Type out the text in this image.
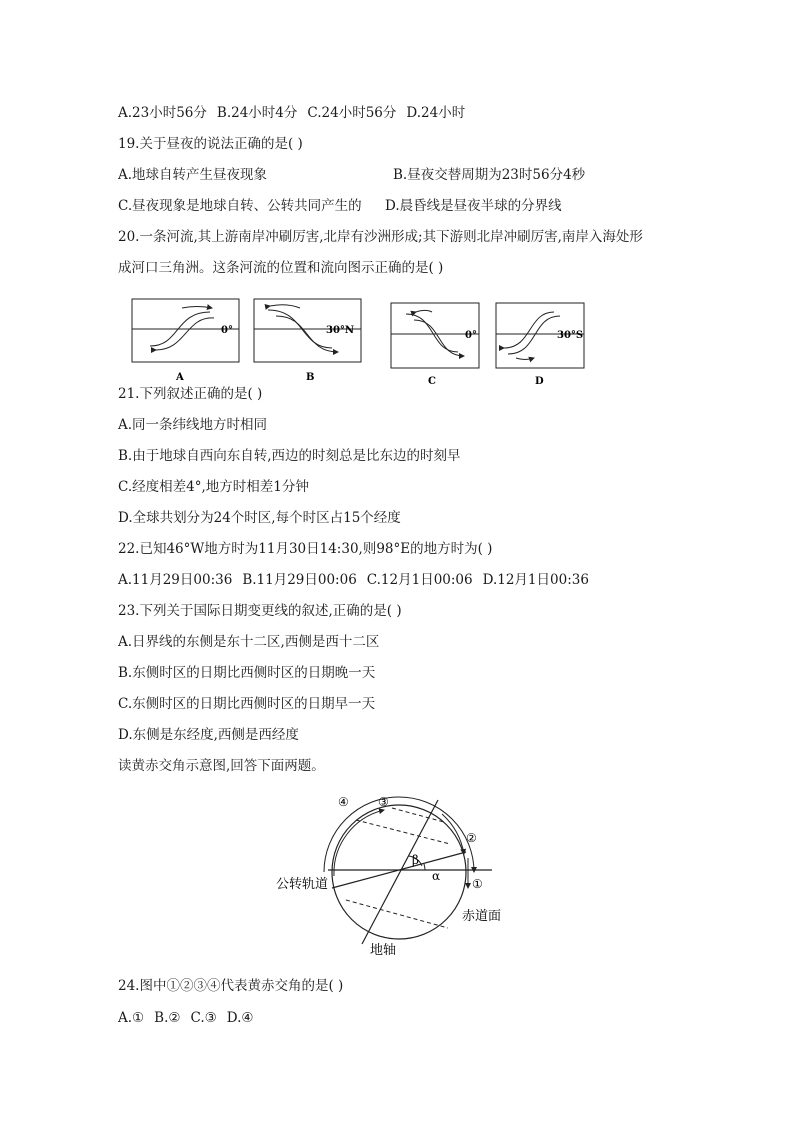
A.23小时56分 B.24小时4分 C.24小时56分 D.24小时
19.关于昼夜的说法正确的是( )
A.地球自转产生昼夜现象	B.昼夜交替周期为23时56分4秒
C.昼夜现象是地球自转、公转共同产生的 D.晨昏线是昼夜半球的分界线
20.一条河流,其上游南岸冲刷厉害,北岸有沙洲形成;其下游则北岸冲刷厉害,南岸入海处形
成河口三角洲。这条河流的位置和流向图示正确的是( )
0°
A
30°N
B
0°
C
30°S
D
21.下列叙述正确的是( )
A.同一条纬线地方时相同
B.由于地球自西向东自转,西边的时刻总是比东边的时刻早
C.经度相差4°,地方时相差1分钟
D.全球共划分为24个时区,每个时区占15个经度
22.已知46°W地方时为11月30日14:30,则98°E的地方时为( )
A.11月29日00:36 B.11月29日00:06 C.12月1日00:06 D.12月1日00:36
23.下列关于国际日期变更线的叙述,正确的是( )
A.日界线的东侧是东十二区,西侧是西十二区
B.东侧时区的日期比西侧时区的日期晚一天
C.东侧时区的日期比西侧时区的日期早一天
D.东侧是东经度,西侧是西经度
读黄赤交角示意图,回答下面两题。
β
α
①
②
③
④
公转轨道
赤道面
地轴
24.图中①②③④代表黄赤交角的是( )
A.① B.② C.③ D.④
